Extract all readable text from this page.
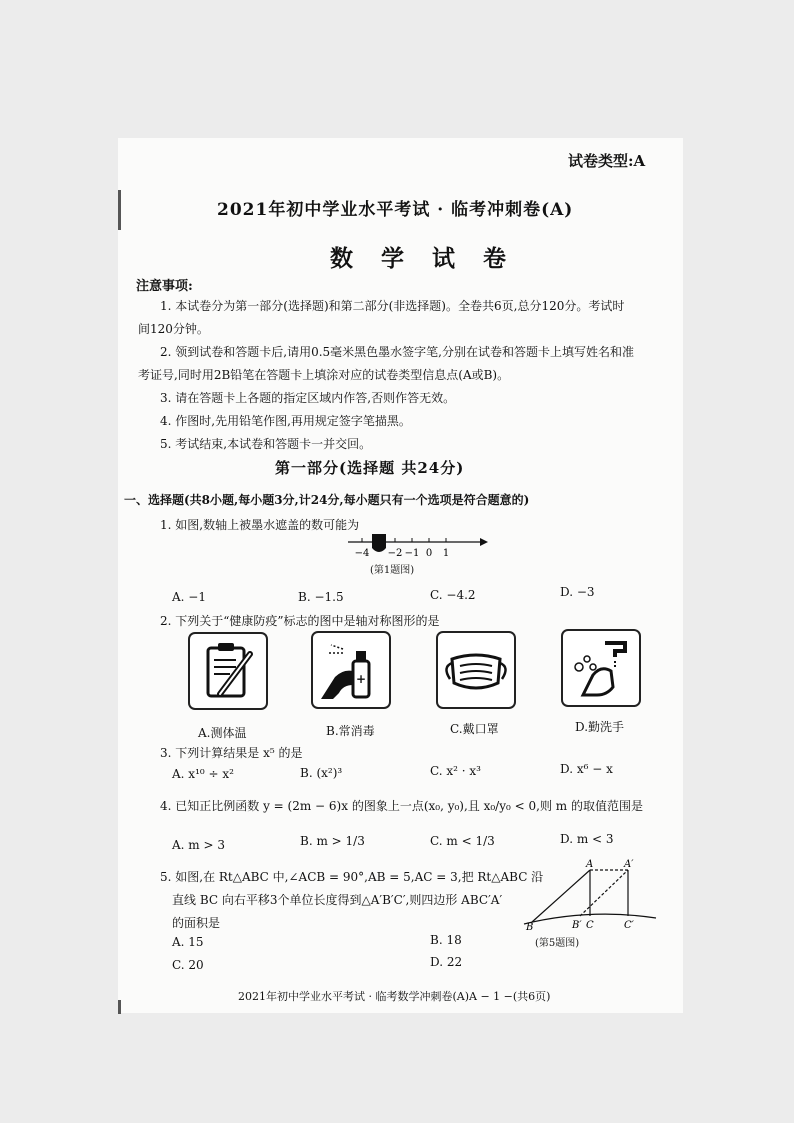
试卷类型:A
2021年初中学业水平考试 · 临考冲刺卷(A)
数 学 试 卷
注意事项:
1. 本试卷分为第一部分(选择题)和第二部分(非选择题)。全卷共6页,总分120分。考试时
间120分钟。
2. 领到试卷和答题卡后,请用0.5毫米黑色墨水签字笔,分别在试卷和答题卡上填写姓名和准
考证号,同时用2B铅笔在答题卡上填涂对应的试卷类型信息点(A或B)。
3. 请在答题卡上各题的指定区域内作答,否则作答无效。
4. 作图时,先用铅笔作图,再用规定签字笔描黑。
5. 考试结束,本试卷和答题卡一并交回。
第一部分(选择题 共24分)
一、选择题(共8小题,每小题3分,计24分,每小题只有一个选项是符合题意的)
1. 如图,数轴上被墨水遮盖的数可能为
−4 −2 −1 0 1
(第1题图)
A. −1	B. −1.5	C. −4.2	D. −3
2. 下列关于“健康防疫”标志的图中是轴对称图形的是
+
A.测体温	B.常消毒	C.戴口罩	D.勤洗手
3. 下列计算结果是 x⁵ 的是
A. x¹⁰ ÷ x²	B. (x²)³	C. x² · x³	D. x⁶ − x
4. 已知正比例函数 y = (2m − 6)x 的图象上一点(x₀, y₀),且 x₀/y₀ < 0,则 m 的取值范围是
A. m > 3	B. m > 1/3	C. m < 1/3	D. m < 3
5. 如图,在 Rt△ABC 中,∠ACB = 90°,AB = 5,AC = 3,把 Rt△ABC 沿
直线 BC 向右平移3个单位长度得到△A′B′C′,则四边形 ABC′A′
的面积是
A. 15	B. 18
C. 20	D. 22
A	A′
B	B′ C	C′
(第5题图)
2021年初中学业水平考试 · 临考数学冲刺卷(A)A − 1 −(共6页)
